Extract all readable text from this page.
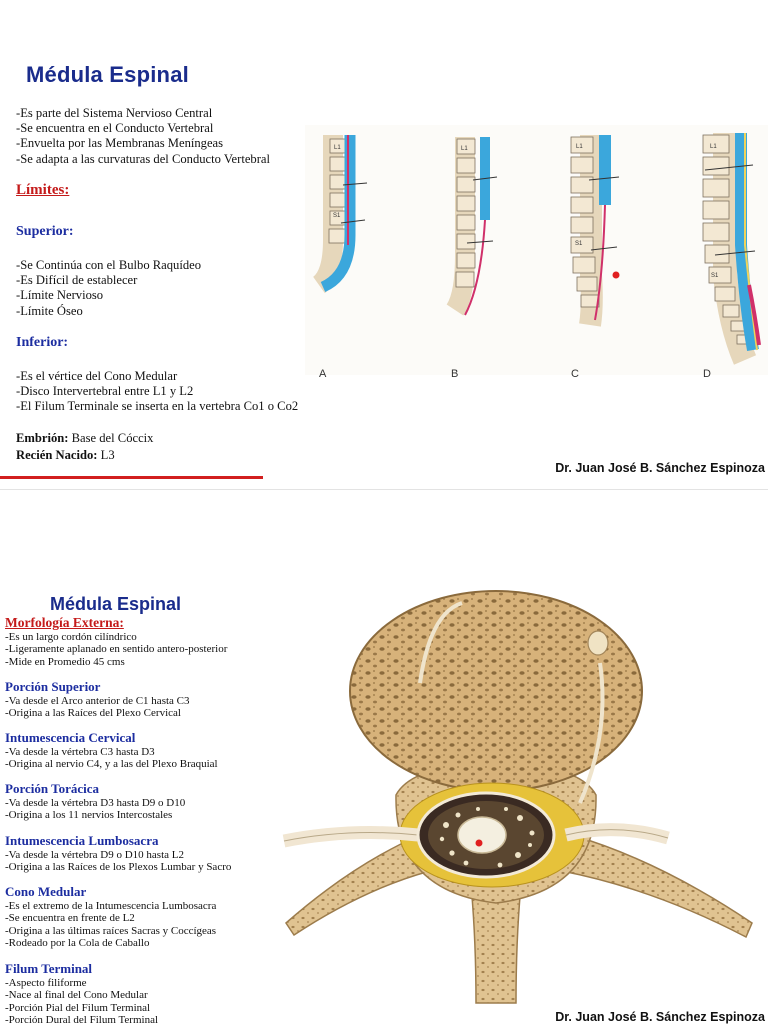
Médula Espinal
-Es parte del Sistema Nervioso Central
-Se encuentra en el Conducto Vertebral
-Envuelta por las Membranas Meníngeas
-Se adapta a las curvaturas del Conducto Vertebral
Límites:
Superior:
-Se Continúa con el Bulbo Raquídeo
-Es Difícil de establecer
-Límite Nervioso
-Límite Óseo
Inferior:
-Es el vértice del Cono Medular
-Disco Intervertebral entre L1 y L2
-El Filum Terminale se inserta en la vertebra Co1 o Co2
Embrión: Base del Cóccix
Recién Nacido: L3
Dr. Juan José B. Sánchez Espinoza
L1	L1	L1	L1
S1
S1
S1
A	B	C	D
Médula Espinal
Morfología Externa:
-Es un largo cordón cilíndrico
-Ligeramente aplanado en sentido antero-posterior
-Mide en Promedio 45 cms
Porción Superior
-Va desde el Arco anterior de C1 hasta C3
-Origina a las Raíces del Plexo Cervical
Intumescencia Cervical
-Va desde la vértebra C3 hasta D3
-Origina al nervio C4, y a las del Plexo Braquial
Porción Torácica
-Va desde la vértebra D3 hasta D9 o D10
-Origina a los 11 nervios Intercostales
Intumescencia Lumbosacra
-Va desde la vértebra D9 o D10 hasta L2
-Origina a las Raíces de los Plexos Lumbar y Sacro
Cono Medular
-Es el extremo de la Intumescencia Lumbosacra
-Se encuentra en frente de L2
-Origina a las últimas raíces Sacras y Coccígeas
-Rodeado por la Cola de Caballo
Filum Terminal
-Aspecto filiforme
-Nace al final del Cono Medular
-Porción Pial del Filum Terminal
-Porción Dural del Filum Terminal	Dr. Juan José B. Sánchez Espinoza
